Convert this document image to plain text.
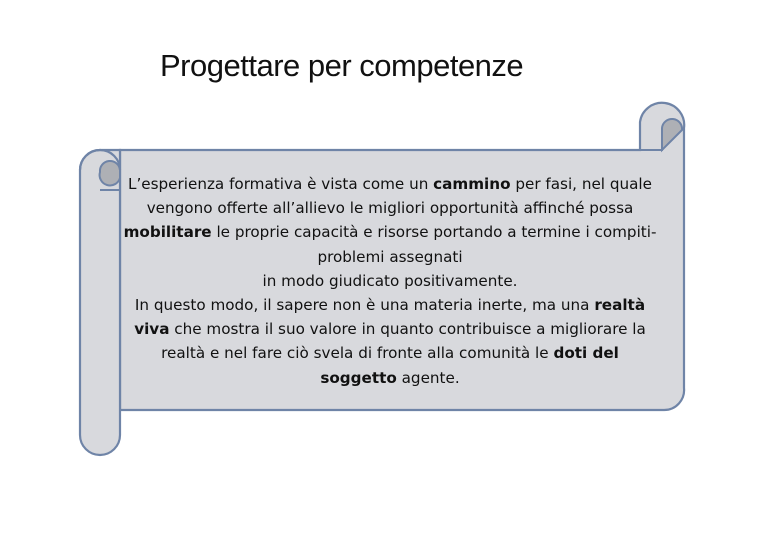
Progettare per competenze
L’esperienza formativa è vista come un cammino per fasi, nel quale vengono offerte all’allievo le migliori opportunità affinché possa mobilitare le proprie capacità e risorse portando a termine i compiti-problemi assegnati
in modo giudicato positivamente.
In questo modo, il sapere non è una materia inerte, ma una realtà viva che mostra il suo valore in quanto contribuisce a migliorare la realtà e nel fare ciò svela di fronte alla comunità le doti del soggetto agente.
